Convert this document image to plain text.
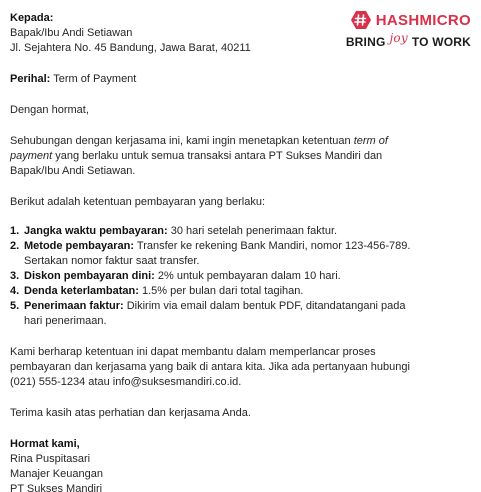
HASHMICRO
BRING joy TO WORK
Kepada:
Bapak/Ibu Andi Setiawan
Jl. Sejahtera No. 45 Bandung, Jawa Barat, 40211
Perihal: Term of Payment
Dengan hormat,
Sehubungan dengan kerjasama ini, kami ingin menetapkan ketentuan term of
payment yang berlaku untuk semua transaksi antara PT Sukses Mandiri dan
Bapak/Ibu Andi Setiawan.
Berikut adalah ketentuan pembayaran yang berlaku:
1. Jangka waktu pembayaran: 30 hari setelah penerimaan faktur.
2. Metode pembayaran: Transfer ke rekening Bank Mandiri, nomor 123-456-789.
Sertakan nomor faktur saat transfer.
3. Diskon pembayaran dini: 2% untuk pembayaran dalam 10 hari.
4. Denda keterlambatan: 1.5% per bulan dari total tagihan.
5. Penerimaan faktur: Dikirim via email dalam bentuk PDF, ditandatangani pada
hari penerimaan.
Kami berharap ketentuan ini dapat membantu dalam memperlancar proses
pembayaran dan kerjasama yang baik di antara kita. Jika ada pertanyaan hubungi
(021) 555-1234 atau info@suksesmandiri.co.id.
Terima kasih atas perhatian dan kerjasama Anda.
Hormat kami,
Rina Puspitasari
Manajer Keuangan
PT Sukses Mandiri
